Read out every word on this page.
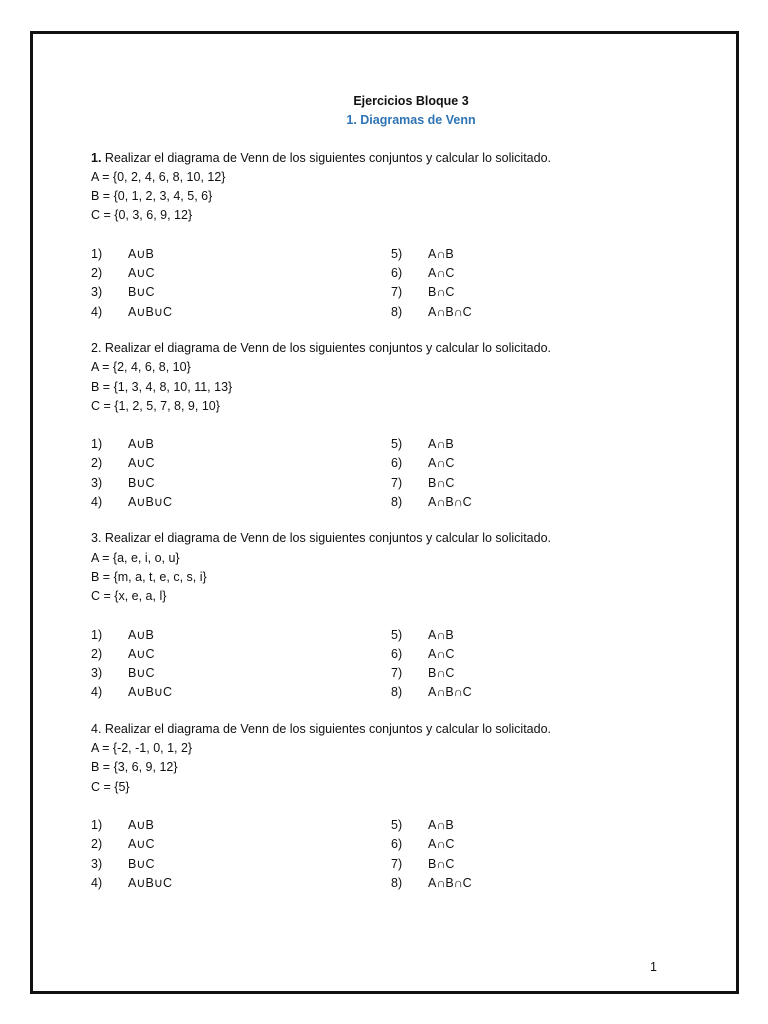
Ejercicios Bloque 3
1. Diagramas de Venn
1. Realizar el diagrama de Venn de los siguientes conjuntos y calcular lo solicitado.
A = {0, 2, 4, 6, 8, 10, 12}
B = {0, 1, 2, 3, 4, 5, 6}
C = {0, 3, 6, 9, 12}
1) A∪B
2) A∪C
3) B∪C
4) A∪B∪C
5) A∩B
6) A∩C
7) B∩C
8) A∩B∩C
2. Realizar el diagrama de Venn de los siguientes conjuntos y calcular lo solicitado.
A = {2, 4, 6, 8, 10}
B = {1, 3, 4, 8, 10, 11, 13}
C = {1, 2, 5, 7, 8, 9, 10}
1) A∪B
2) A∪C
3) B∪C
4) A∪B∪C
5) A∩B
6) A∩C
7) B∩C
8) A∩B∩C
3. Realizar el diagrama de Venn de los siguientes conjuntos y calcular lo solicitado.
A = {a, e, i, o, u}
B = {m, a, t, e, c, s, i}
C = {x, e, a, l}
1) A∪B
2) A∪C
3) B∪C
4) A∪B∪C
5) A∩B
6) A∩C
7) B∩C
8) A∩B∩C
4. Realizar el diagrama de Venn de los siguientes conjuntos y calcular lo solicitado.
A = {-2, -1, 0, 1, 2}
B = {3, 6, 9, 12}
C = {5}
1) A∪B
2) A∪C
3) B∪C
4) A∪B∪C
5) A∩B
6) A∩C
7) B∩C
8) A∩B∩C
1
